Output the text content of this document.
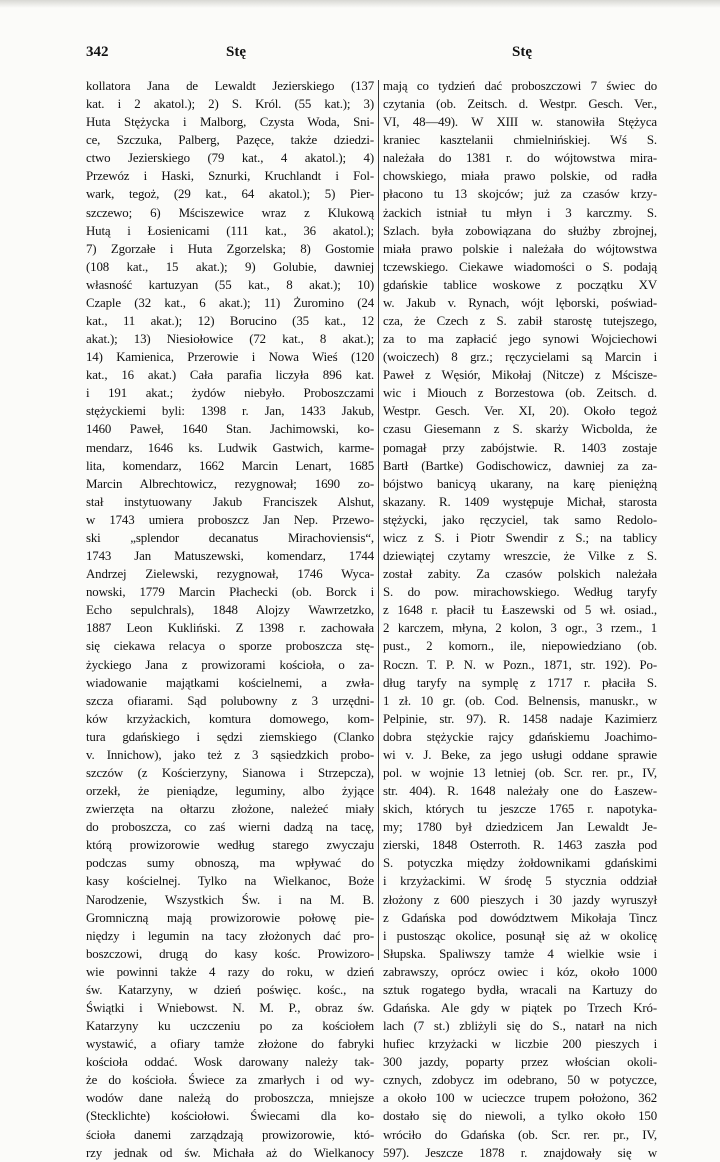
342	Stę	Stę
kollatora Jana de Lewaldt Jezierskiego (137
kat. i 2 akatol.); 2) S. Król. (55 kat.); 3)
Huta Stężycka i Malborg, Czysta Woda, Sni-
ce, Szczuka, Palberg, Pazęce, także dziedzi-
ctwo Jezierskiego (79 kat., 4 akatol.); 4)
Przewóz i Haski, Sznurki, Kruchlandt i Fol-
wark, tegoż, (29 kat., 64 akatol.); 5) Pier-
szczewo; 6) Mściszewice wraz z Klukową
Hutą i Łosienicami (111 kat., 36 akatol.);
7) Zgorzałe i Huta Zgorzelska; 8) Gostomie
(108 kat., 15 akat.); 9) Golubie, dawniej
własność kartuzyan (55 kat., 8 akat.); 10)
Czaple (32 kat., 6 akat.); 11) Żuromino (24
kat., 11 akat.); 12) Borucino (35 kat., 12
akat.); 13) Niesiołowice (72 kat., 8 akat.);
14) Kamienica, Przerowie i Nowa Wieś (120
kat., 16 akat.) Cała parafia liczyła 896 kat.
i 191 akat.; żydów niebyło. Proboszczami
stężyckiemi byli: 1398 r. Jan, 1433 Jakub,
1460 Paweł, 1640 Stan. Jachimowski, ko-
mendarz, 1646 ks. Ludwik Gastwich, karme-
lita, komendarz, 1662 Marcin Lenart, 1685
Marcin Albrechtowicz, rezygnował; 1690 zo-
stał instytuowany Jakub Franciszek Alshut,
w 1743 umiera proboszcz Jan Nep. Przewo-
ski „splendor decanatus Mirachoviensis“,
1743 Jan Matuszewski, komendarz, 1744
Andrzej Zielewski, rezygnował, 1746 Wyca-
nowski, 1779 Marcin Płachecki (ob. Borck i
Echo sepulchrals), 1848 Alojzy Wawrzetzko,
1887 Leon Kukliński. Z 1398 r. zachowała
się ciekawa relacya o sporze proboszcza stę-
życkiego Jana z prowizorami kościoła, o za-
wiadowanie majątkami kościelnemi, a zwła-
szcza ofiarami. Sąd polubowny z 3 urzędni-
ków krzyżackich, komtura domowego, kom-
tura gdańskiego i sędzi ziemskiego (Clanko
v. Innichow), jako też z 3 sąsiedzkich probo-
szczów (z Kościerzyny, Sianowa i Strzepcza),
orzekł, że pieniądze, leguminy, albo żyjące
zwierzęta na ołtarzu złożone, należeć miały
do proboszcza, co zaś wierni dadzą na tacę,
którą prowizorowie według starego zwyczaju
podczas sumy obnoszą, ma wpływać do
kasy kościelnej. Tylko na Wielkanoc, Boże
Narodzenie, Wszystkich Św. i na M. B.
Gromniczną mają prowizorowie połowę pie-
niędzy i legumin na tacy złożonych dać pro-
boszczowi, drugą do kasy kośc. Prowizoro-
wie powinni także 4 razy do roku, w dzień
św. Katarzyny, w dzień poświęc. kośc., na
Świątki i Wniebowst. N. M. P., obraz św.
Katarzyny ku uczczeniu po za kościołem
wystawić, a ofiary tamże złożone do fabryki
kościoła oddać. Wosk darowany należy tak-
że do kościoła. Świece za zmarłych i od wy-
wodów dane należą do proboszcza, mniejsze
(Stecklichte) kościołowi. Świecami dla ko-
ścioła danemi zarządzają prowizorowie, któ-
rzy jednak od św. Michała aż do Wielkanocy
mają co tydzień dać proboszczowi 7 świec do
czytania (ob. Zeitsch. d. Westpr. Gesch. Ver.,
VI, 48—49). W XIII w. stanowiła Stężyca
kraniec kasztelanii chmielnińskiej. Wś S.
należała do 1381 r. do wójtowstwa mira-
chowskiego, miała prawo polskie, od radła
płacono tu 13 skojców; już za czasów krzy-
żackich istniał tu młyn i 3 karczmy. S.
Szlach. była zobowiązana do służby zbrojnej,
miała prawo polskie i należała do wójtowstwa
tczewskiego. Ciekawe wiadomości o S. podają
gdańskie tablice woskowe z początku XV
w. Jakub v. Rynach, wójt lęborski, poświad-
cza, że Czech z S. zabił starostę tutejszego,
za to ma zapłacić jego synowi Wojciechowi
(woiczech) 8 grz.; ręczycielami są Marcin i
Paweł z Węsiór, Mikołaj (Nitcze) z Mścisze-
wic i Miouch z Borzestowa (ob. Zeitsch. d.
Westpr. Gesch. Ver. XI, 20). Około tegoż
czasu Giesemann z S. skarży Wicbolda, że
pomagał przy zabójstwie. R. 1403 zostaje
Bartł (Bartke) Godischowicz, dawniej za za-
bójstwo banicyą ukarany, na karę pieniężną
skazany. R. 1409 występuje Michał, starosta
stężycki, jako ręczyciel, tak samo Redolo-
wicz z S. i Piotr Swendir z S.; na tablicy
dziewiątej czytamy wreszcie, że Vilke z S.
został zabity. Za czasów polskich należała
S. do pow. mirachowskiego. Według taryfy
z 1648 r. płacił tu Łaszewski od 5 wł. osiad.,
2 karczem, młyna, 2 kolon, 3 ogr., 3 rzem., 1
pust., 2 komorn., ile, niepowiedziano (ob.
Roczn. T. P. N. w Pozn., 1871, str. 192). Po-
dług taryfy na symplę z 1717 r. płaciła S.
1 zł. 10 gr. (ob. Cod. Belnensis, manuskr., w
Pelpinie, str. 97). R. 1458 nadaje Kazimierz
dobra stężyckie rajcy gdańskiemu Joachimo-
wi v. J. Beke, za jego usługi oddane sprawie
pol. w wojnie 13 letniej (ob. Scr. rer. pr., IV,
str. 404). R. 1648 należały one do Łaszew-
skich, których tu jeszcze 1765 r. napotyka-
my; 1780 był dziedzicem Jan Lewaldt Je-
zierski, 1848 Osterroth. R. 1463 zaszła pod
S. potyczka między żołdownikami gdańskimi
i krzyżackimi. W środę 5 stycznia oddział
złożony z 600 pieszych i 30 jazdy wyruszył
z Gdańska pod dowództwem Mikołaja Tincz
i pustosząc okolice, posunął się aż w okolicę
Słupska. Spaliwszy tamże 4 wielkie wsie i
zabrawszy, oprócz owiec i kóz, około 1000
sztuk rogatego bydła, wracali na Kartuzy do
Gdańska. Ale gdy w piątek po Trzech Kró-
lach (7 st.) zbliżyli się do S., natarł na nich
hufiec krzyżacki w liczbie 200 pieszych i
300 jazdy, poparty przez włościan okoli-
cznych, zdobycz im odebrano, 50 w potyczce,
a około 100 w ucieczce trupem położono, 362
dostało się do niewoli, a tylko około 150
wróciło do Gdańska (ob. Scr. rer. pr., IV,
597). Jeszcze 1878 r. znajdowały się w
